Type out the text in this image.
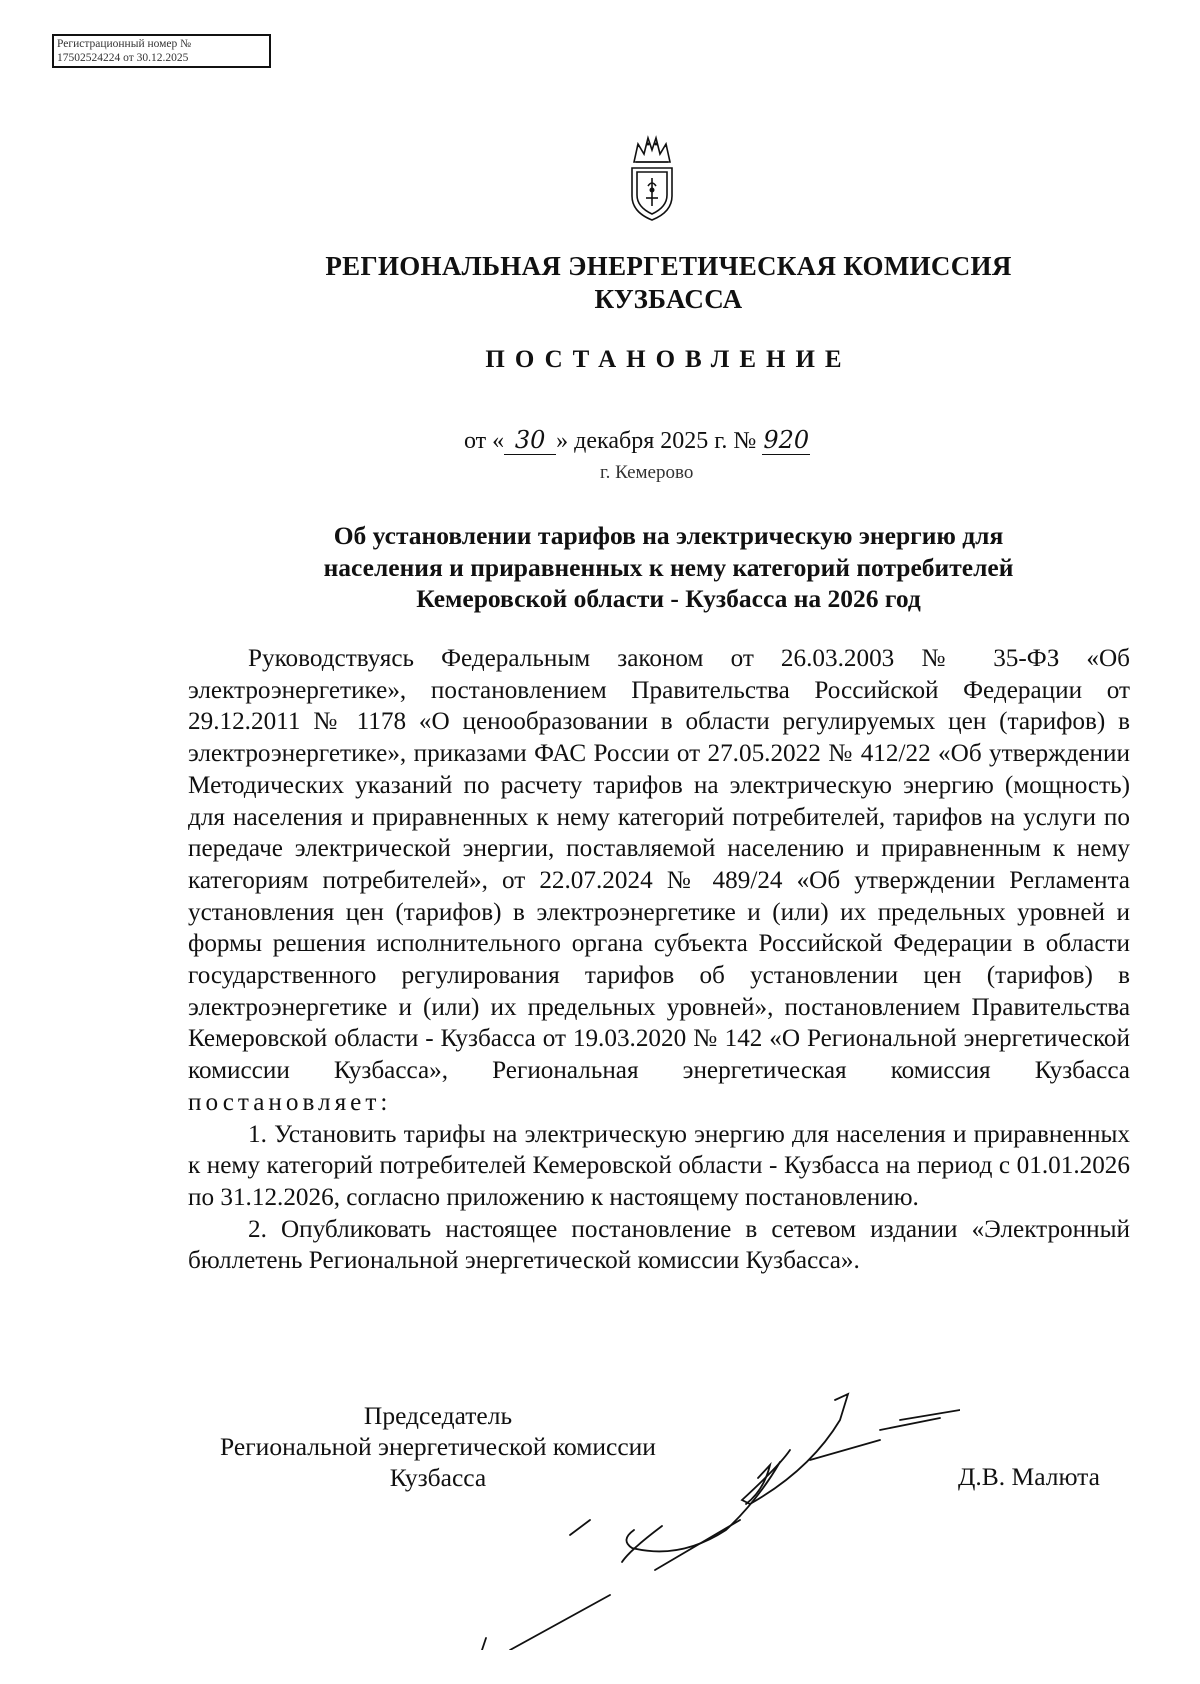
Регистрационный номер №
17502524224 от 30.12.2025
РЕГИОНАЛЬНАЯ ЭНЕРГЕТИЧЕСКАЯ КОМИССИЯ
КУЗБАССА
ПОСТАНОВЛЕНИЕ
от « 30 » декабря 2025 г. № 920
г. Кемерово
Об установлении тарифов на электрическую энергию для
населения и приравненных к нему категорий потребителей
Кемеровской области - Кузбасса на 2026 год

Руководствуясь Федеральным законом от 26.03.2003 № 35-ФЗ «Об электроэнергетике», постановлением Правительства Российской Федерации от 29.12.2011 № 1178 «О ценообразовании в области регулируемых цен (тарифов) в электроэнергетике», приказами ФАС России от 27.05.2022 № 412/22 «Об утверждении Методических указаний по расчету тарифов на электрическую энергию (мощность) для населения и приравненных к нему категорий потребителей, тарифов на услуги по передаче электрической энергии, поставляемой населению и приравненным к нему категориям потребителей», от 22.07.2024 № 489/24 «Об утверждении Регламента установления цен (тарифов) в электроэнергетике и (или) их предельных уровней и формы решения исполнительного органа субъекта Российской Федерации в области государственного регулирования тарифов об установлении цен (тарифов) в электроэнергетике и (или) их предельных уровней», постановлением Правительства Кемеровской области - Кузбасса от 19.03.2020 № 142 «О Региональной энергетической комиссии Кузбасса», Региональная энергетическая комиссия Кузбасса постановляет:

1. Установить тарифы на электрическую энергию для населения и приравненных к нему категорий потребителей Кемеровской области - Кузбасса на период с 01.01.2026 по 31.12.2026, согласно приложению к настоящему постановлению.

2. Опубликовать настоящее постановление в сетевом издании «Электронный бюллетень Региональной энергетической комиссии Кузбасса».

Председатель
Региональной энергетической комиссии
Кузбасса	Д.В. Малюта
